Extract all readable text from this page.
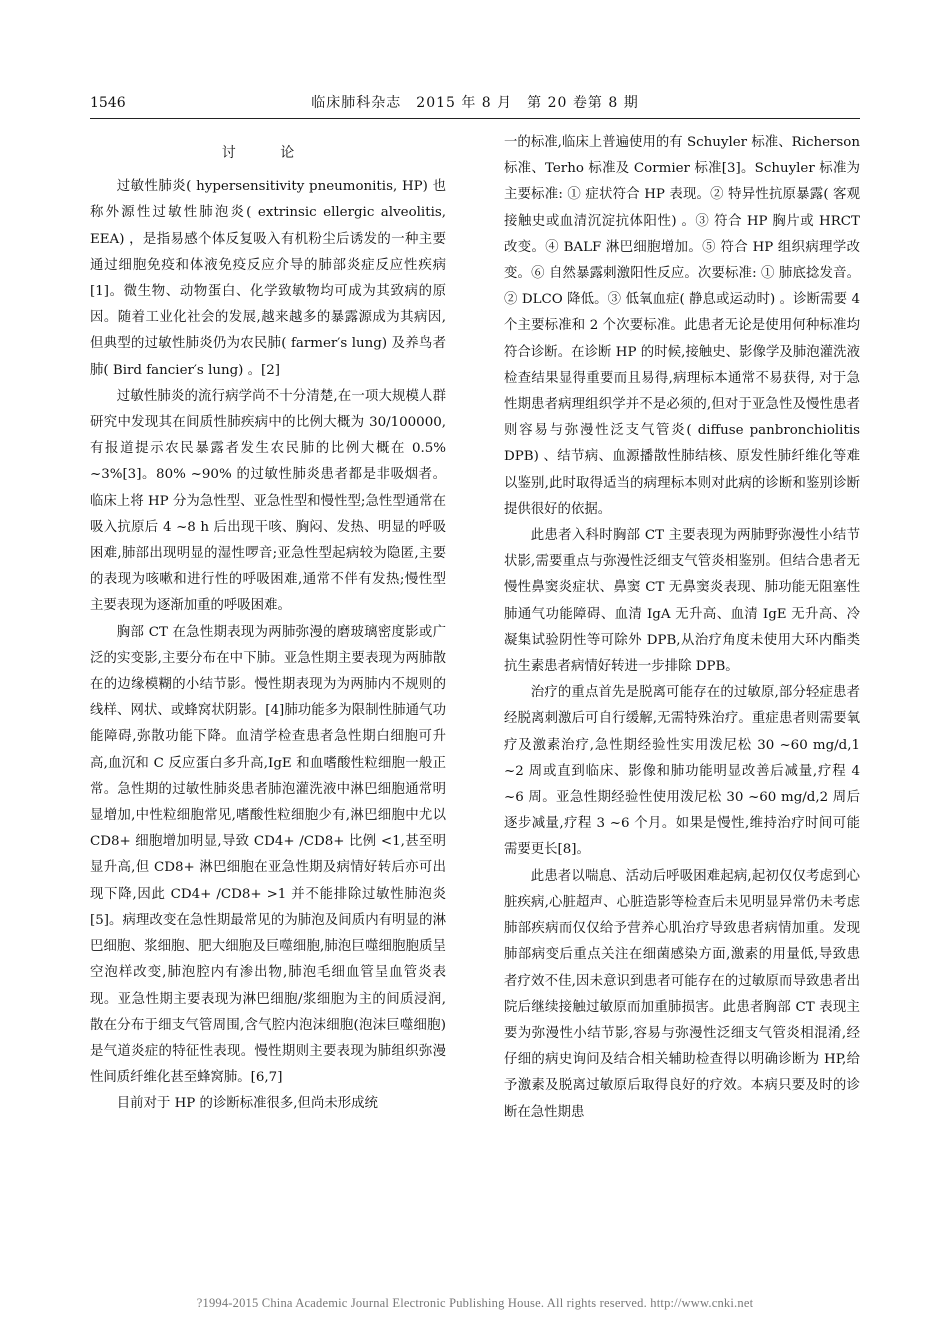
1546	临床肺科杂志　2015 年 8 月　第 20 卷第 8 期
讨 论

过敏性肺炎( hypersensitivity pneumonitis, HP) 也称外源性过敏性肺泡炎( extrinsic ellergic alveolitis, EEA) ，是指易感个体反复吸入有机粉尘后诱发的一种主要通过细胞免疫和体液免疫反应介导的肺部炎症反应性疾病[1]。微生物、动物蛋白、化学致敏物均可成为其致病的原因。随着工业化社会的发展,越来越多的暴露源成为其病因,但典型的过敏性肺炎仍为农民肺( farmer′s lung) 及养鸟者肺( Bird fancier′s lung) 。[2]

过敏性肺炎的流行病学尚不十分清楚,在一项大规模人群研究中发现其在间质性肺疾病中的比例大概为 30/100000,有报道提示农民暴露者发生农民肺的比例大概在 0.5% ~3%[3]。80% ~90% 的过敏性肺炎患者都是非吸烟者。临床上将 HP 分为急性型、亚急性型和慢性型;急性型通常在吸入抗原后 4 ~8 h 后出现干咳、胸闷、发热、明显的呼吸困难,肺部出现明显的湿性啰音;亚急性型起病较为隐匿,主要的表现为咳嗽和进行性的呼吸困难,通常不伴有发热;慢性型主要表现为逐渐加重的呼吸困难。

胸部 CT 在急性期表现为两肺弥漫的磨玻璃密度影或广泛的实变影,主要分布在中下肺。亚急性期主要表现为两肺散在的边缘模糊的小结节影。慢性期表现为为两肺内不规则的线样、网状、或蜂窝状阴影。[4]肺功能多为限制性肺通气功能障碍,弥散功能下降。血清学检查患者急性期白细胞可升高,血沉和 C 反应蛋白多升高,IgE 和血嗜酸性粒细胞一般正常。急性期的过敏性肺炎患者肺泡灌洗液中淋巴细胞通常明显增加,中性粒细胞常见,嗜酸性粒细胞少有,淋巴细胞中尤以 CD8+ 细胞增加明显,导致 CD4+ /CD8+ 比例 <1,甚至明显升高,但 CD8+ 淋巴细胞在亚急性期及病情好转后亦可出现下降,因此 CD4+ /CD8+ >1 并不能排除过敏性肺泡炎[5]。病理改变在急性期最常见的为肺泡及间质内有明显的淋巴细胞、浆细胞、肥大细胞及巨噬细胞,肺泡巨噬细胞胞质呈空泡样改变,肺泡腔内有渗出物,肺泡毛细血管呈血管炎表现。亚急性期主要表现为淋巴细胞/浆细胞为主的间质浸润,散在分布于细支气管周围,含气腔内泡沫细胞(泡沫巨噬细胞) 是气道炎症的特征性表现。慢性期则主要表现为肺组织弥漫性间质纤维化甚至蜂窝肺。[6,7]

目前对于 HP 的诊断标准很多,但尚未形成统

一的标准,临床上普遍使用的有 Schuyler 标准、Richerson 标准、Terho 标准及 Cormier 标准[3]。Schuyler 标准为主要标准: ① 症状符合 HP 表现。② 特异性抗原暴露( 客观接触史或血清沉淀抗体阳性) 。③ 符合 HP 胸片或 HRCT 改变。④ BALF 淋巴细胞增加。⑤ 符合 HP 组织病理学改变。⑥ 自然暴露刺激阳性反应。次要标准: ① 肺底捻发音。② DLCO 降低。③ 低氧血症( 静息或运动时) 。诊断需要 4 个主要标准和 2 个次要标准。此患者无论是使用何种标准均符合诊断。在诊断 HP 的时候,接触史、影像学及肺泡灌洗液检查结果显得重要而且易得,病理标本通常不易获得, 对于急性期患者病理组织学并不是必须的,但对于亚急性及慢性患者则容易与弥漫性泛支气管炎( diffuse panbronchiolitis DPB) 、结节病、血源播散性肺结核、原发性肺纤维化等难以鉴别,此时取得适当的病理标本则对此病的诊断和鉴别诊断提供很好的依据。

此患者入科时胸部 CT 主要表现为两肺野弥漫性小结节状影,需要重点与弥漫性泛细支气管炎相鉴别。但结合患者无慢性鼻窦炎症状、鼻窦 CT 无鼻窦炎表现、肺功能无阻塞性肺通气功能障碍、血清 IgA 无升高、血清 IgE 无升高、冷凝集试验阴性等可除外 DPB,从治疗角度未使用大环内酯类抗生素患者病情好转进一步排除 DPB。

治疗的重点首先是脱离可能存在的过敏原,部分轻症患者经脱离刺激后可自行缓解,无需特殊治疗。重症患者则需要氧疗及激素治疗,急性期经验性实用泼尼松 30 ~60 mg/d,1 ~2 周或直到临床、影像和肺功能明显改善后减量,疗程 4 ~6 周。亚急性期经验性使用泼尼松 30 ~60 mg/d,2 周后逐步减量,疗程 3 ~6 个月。如果是慢性,维持治疗时间可能需要更长[8]。

此患者以喘息、活动后呼吸困难起病,起初仅仅考虑到心脏疾病,心脏超声、心脏造影等检查后未见明显异常仍未考虑肺部疾病而仅仅给予营养心肌治疗导致患者病情加重。发现肺部病变后重点关注在细菌感染方面,激素的用量低,导致患者疗效不佳,因未意识到患者可能存在的过敏原而导致患者出院后继续接触过敏原而加重肺损害。此患者胸部 CT 表现主要为弥漫性小结节影,容易与弥漫性泛细支气管炎相混淆,经仔细的病史询问及结合相关辅助检查得以明确诊断为 HP,给予激素及脱离过敏原后取得良好的疗效。本病只要及时的诊断在急性期患

?1994-2015 China Academic Journal Electronic Publishing House. All rights reserved. http://www.cnki.net
